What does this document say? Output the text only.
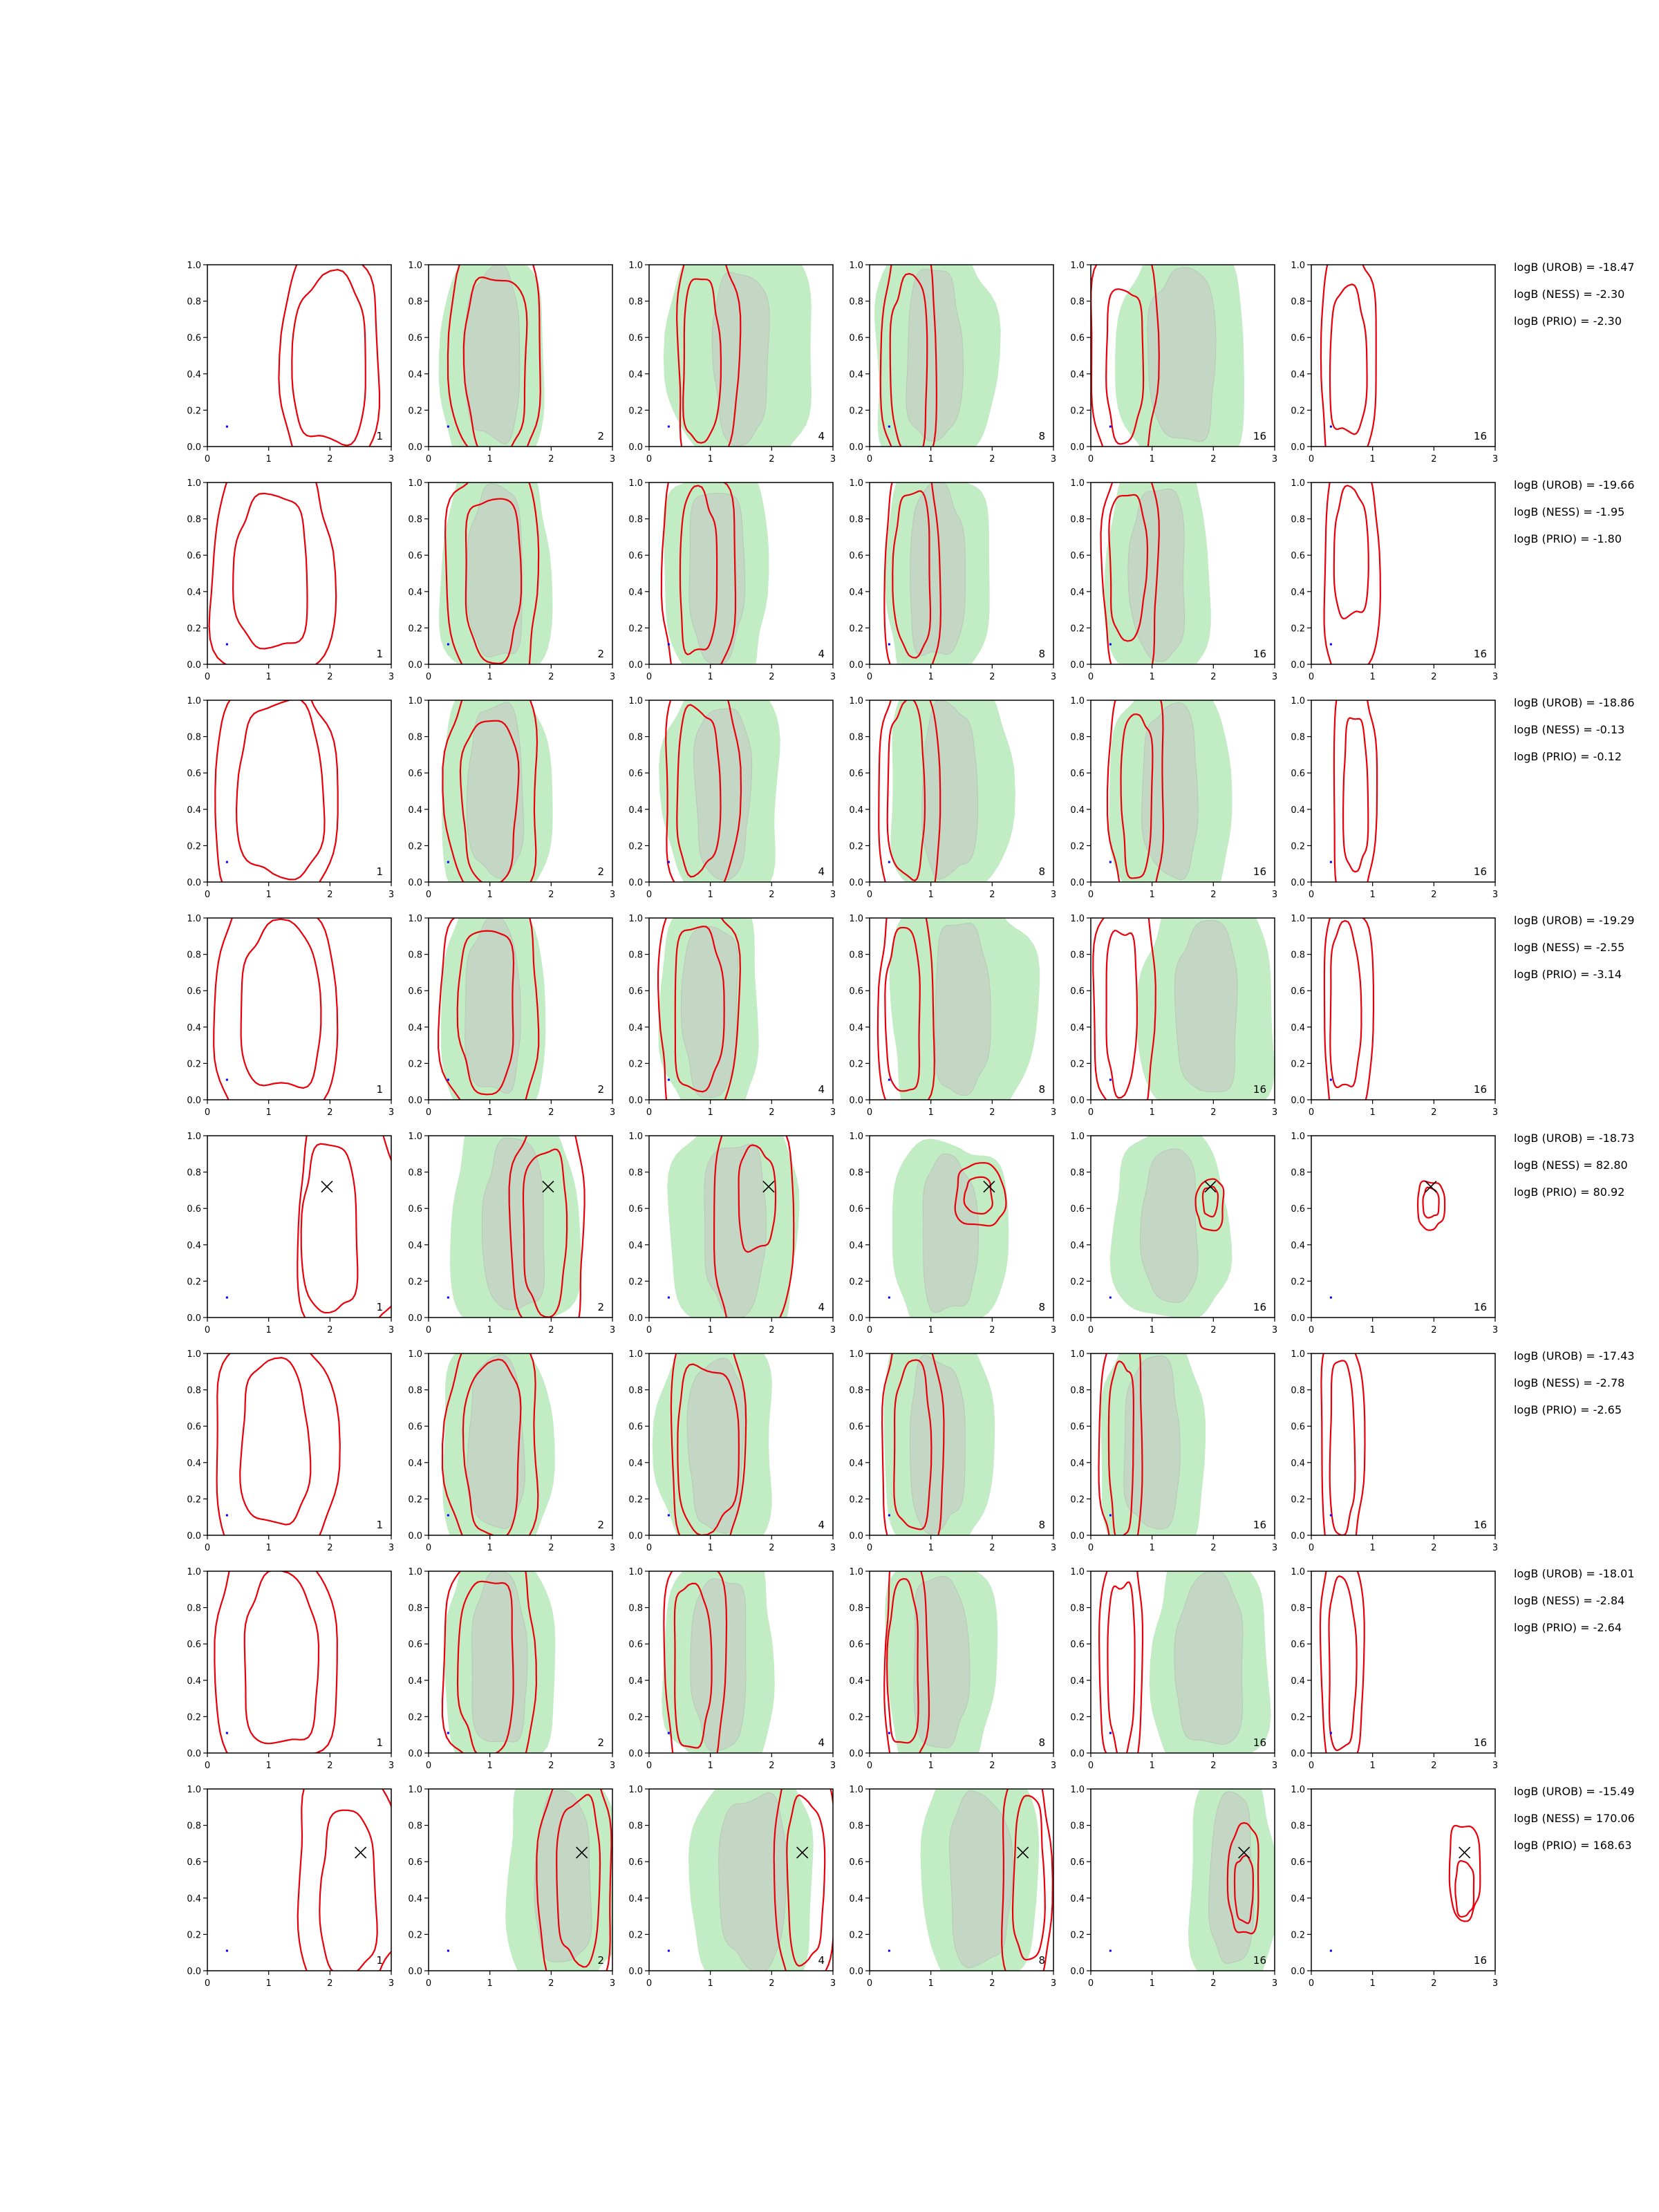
0	1	2	3
0.0
0.2
0.4
0.6
0.8
1.0
1
0	1	2	3
0.0
0.2
0.4
0.6
0.8
1.0
2
0	1	2	3
0.0
0.2
0.4
0.6
0.8
1.0
4
0	1	2	3
0.0
0.2
0.4
0.6
0.8
1.0
8
0	1	2	3
0.0
0.2
0.4
0.6
0.8
1.0
16
0	1	2	3
0.0
0.2
0.4
0.6
0.8
1.0
16
0	1	2	3
0.0
0.2
0.4
0.6
0.8
1.0
1
0	1	2	3
0.0
0.2
0.4
0.6
0.8
1.0
2
0	1	2	3
0.0
0.2
0.4
0.6
0.8
1.0
4
0	1	2	3
0.0
0.2
0.4
0.6
0.8
1.0
8
0	1	2	3
0.0
0.2
0.4
0.6
0.8
1.0
16
0	1	2	3
0.0
0.2
0.4
0.6
0.8
1.0
16
0	1	2	3
0.0
0.2
0.4
0.6
0.8
1.0
1
0	1	2	3
0.0
0.2
0.4
0.6
0.8
1.0
2
0	1	2	3
0.0
0.2
0.4
0.6
0.8
1.0
4
0	1	2	3
0.0
0.2
0.4
0.6
0.8
1.0
8
0	1	2	3
0.0
0.2
0.4
0.6
0.8
1.0
16
0	1	2	3
0.0
0.2
0.4
0.6
0.8
1.0
16
0	1	2	3
0.0
0.2
0.4
0.6
0.8
1.0
1
0	1	2	3
0.0
0.2
0.4
0.6
0.8
1.0
2
0	1	2	3
0.0
0.2
0.4
0.6
0.8
1.0
4
0	1	2	3
0.0
0.2
0.4
0.6
0.8
1.0
8
0	1	2	3
0.0
0.2
0.4
0.6
0.8
1.0
16
0	1	2	3
0.0
0.2
0.4
0.6
0.8
1.0
16
0	1	2	3
0.0
0.2
0.4
0.6
0.8
1.0
1
0	1	2	3
0.0
0.2
0.4
0.6
0.8
1.0
2
0	1	2	3
0.0
0.2
0.4
0.6
0.8
1.0
4
0	1	2	3
0.0
0.2
0.4
0.6
0.8
1.0
8
0	1	2	3
0.0
0.2
0.4
0.6
0.8
1.0
16
0	1	2	3
0.0
0.2
0.4
0.6
0.8
1.0
16
0	1	2	3
0.0
0.2
0.4
0.6
0.8
1.0
1
0	1	2	3
0.0
0.2
0.4
0.6
0.8
1.0
2
0	1	2	3
0.0
0.2
0.4
0.6
0.8
1.0
4
0	1	2	3
0.0
0.2
0.4
0.6
0.8
1.0
8
0	1	2	3
0.0
0.2
0.4
0.6
0.8
1.0
16
0	1	2	3
0.0
0.2
0.4
0.6
0.8
1.0
16
0	1	2	3
0.0
0.2
0.4
0.6
0.8
1.0
1
0	1	2	3
0.0
0.2
0.4
0.6
0.8
1.0
2
0	1	2	3
0.0
0.2
0.4
0.6
0.8
1.0
4
0	1	2	3
0.0
0.2
0.4
0.6
0.8
1.0
8
0	1	2	3
0.0
0.2
0.4
0.6
0.8
1.0
16
0	1	2	3
0.0
0.2
0.4
0.6
0.8
1.0
16
0	1	2	3
0.0
0.2
0.4
0.6
0.8
1.0
1
0	1	2	3
0.0
0.2
0.4
0.6
0.8
1.0
2
0	1	2	3
0.0
0.2
0.4
0.6
0.8
1.0
4
0	1	2	3
0.0
0.2
0.4
0.6
0.8
1.0
8
0	1	2	3
0.0
0.2
0.4
0.6
0.8
1.0
16
0	1	2	3
0.0
0.2
0.4
0.6
0.8
1.0
16
logB (UROB) = -18.47
logB (NESS) = -2.30
logB (PRIO) = -2.30
logB (UROB) = -19.66
logB (NESS) = -1.95
logB (PRIO) = -1.80
logB (UROB) = -18.86
logB (NESS) = -0.13
logB (PRIO) = -0.12
logB (UROB) = -19.29
logB (NESS) = -2.55
logB (PRIO) = -3.14
logB (UROB) = -18.73
logB (NESS) = 82.80
logB (PRIO) = 80.92
logB (UROB) = -17.43
logB (NESS) = -2.78
logB (PRIO) = -2.65
logB (UROB) = -18.01
logB (NESS) = -2.84
logB (PRIO) = -2.64
logB (UROB) = -15.49
logB (NESS) = 170.06
logB (PRIO) = 168.63
